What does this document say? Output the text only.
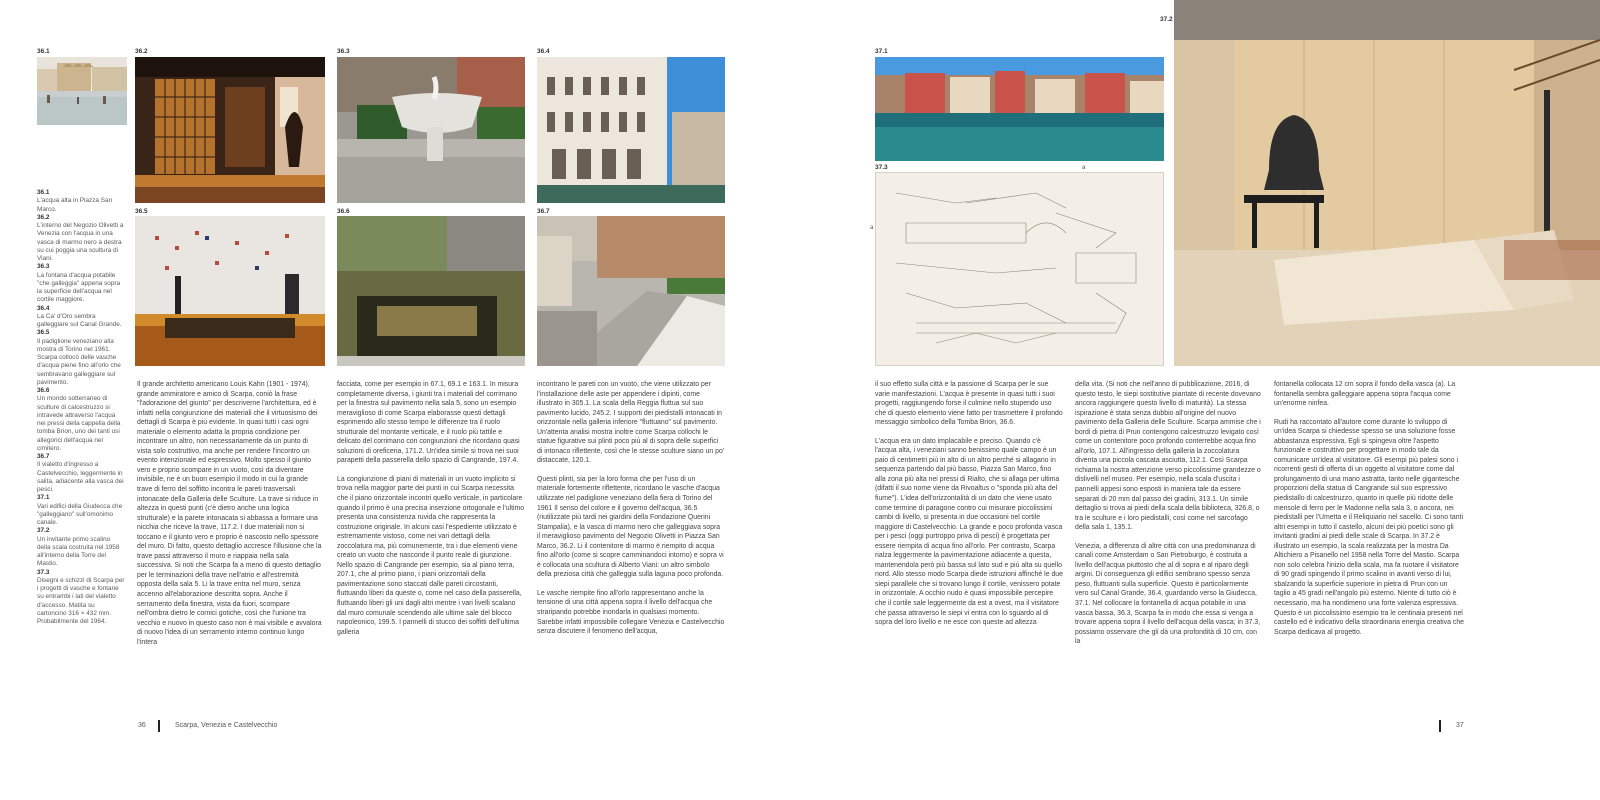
36.1	36.2	36.3	36.4
36.5	36.6	36.7
36.1
L'acqua alta in Piazza San Marco.
36.2
L'interno del Negozio Olivetti a Venezia con l'acqua in una vasca di marmo nero a destra su cui poggia una scultura di Viani.
36.3
La fontana d'acqua potabile "che galleggia" appena sopra la superficie dell'acqua nel cortile maggiore.
36.4
La Ca' d'Oro sembra galleggiare sul Canal Grande.
36.5
Il padiglione veneziano alla mostra di Torino nel 1961. Scarpa collocò delle vasche d'acqua piene fino all'orlo che sembravano galleggiare sul pavimento.
36.6
Un mondo sotterraneo di sculture di calcestruzzo si intravede attraverso l'acqua nei pressi della cappella della tomba Brion, uno dei tanti usi allegorici dell'acqua nel cimitero.
36.7
Il vialetto d'ingresso a Castelvecchio, leggermente in salita, adiacente alla vasca dei pesci.
37.1
Vari edifici della Giudecca che "galleggiano" sull'omonimo canale.
37.2
Un invitante primo scalino della scala costruita nel 1958 all'interno della Torre del Mastio.
37.3
Disegni e schizzi di Scarpa per i progetti di vasche e fontane su entrambi i lati del vialetto d'accesso. Matita su cartoncino 316 × 432 mm. Probabilmente del 1964.

Il grande architetto americano Louis Kahn (1901 - 1974), grande ammiratore e amico di Scarpa, coniò la frase "l'adorazione del giunto" per descriverne l'architettura, ed è infatti nella congiunzione dei materiali che il virtuosismo dei dettagli di Scarpa è più evidente. In quasi tutti i casi ogni materiale o elemento adatta la propria condizione per incontrare un altro, non necessariamente da un punto di vista solo costruttivo, ma anche per rendere l'incontro un evento intenzionale ed espressivo. Molto spesso il giunto vero e proprio scompare in un vuoto, così da diventare invisibile, ne è un buon esempio il modo in cui la grande trave di ferro del soffitto incontra le pareti trasversali intonacate della Galleria delle Sculture. La trave si riduce in altezza in questi punti (c'è dietro anche una logica strutturale) e la parete intonacata si abbassa a formare una nicchia che riceve la trave, 117.2. I due materiali non si toccano e il giunto vero e proprio è nascosto nello spessore del muro. Di fatto, questo dettaglio accresce l'illusione che la trave passi attraverso il muro e riappaia nella sala successiva. Si noti che Scarpa fa a meno di questo dettaglio per le terminazioni della trave nell'atrio e all'estremità opposta della sala 5. Li la trave entra nel muro, senza accenno all'elaborazione descritta sopra. Anche il serramento della finestra, vista da fuori, scompare nell'ombra dietro le cornici gotiche, così che l'unione tra vecchio e nuovo in questo caso non è mai visibile e avvalora di nuovo l'idea di un serramento interno continuo lungo l'intera

facciata, come per esempio in 67.1, 69.1 e 163.1. In misura completamente diversa, i giunti tra i materiali del corrimano per la finestra sul pavimento nella sala 5, sono un esempio meraviglioso di come Scarpa elaborasse questi dettagli esprimendo allo stesso tempo le differenze tra il ruolo strutturale del montante verticale, e il ruolo più tattile e delicato del corrimano con congiunzioni che ricordano quasi soluzioni di oreficeria, 171.2. Un'idea simile si trova nei suoi parapetti della passerella dello spazio di Cangrande, 197.4.

La congiunzione di piani di materiali in un vuoto implicito si trova nella maggior parte dei punti in cui Scarpa necessita che il piano orizzontale incontri quello verticale, in particolare quando il primo è una precisa inserzione ortogonale e l'ultimo presenta una consistenza ruvida che rappresenta la costruzione originale. In alcuni casi l'espediente utilizzato è estremamente vistoso, come nei vari dettagli della zoccolatura ma, più comunemente, tra i due elementi viene creato un vuoto che nasconde il punto reale di giunzione. Nello spazio di Cangrande per esempio, sia al piano terra, 207.1, che al primo piano, i piani orizzontali della pavimentazione sono staccati dalle pareti circostanti, fluttuando liberi da queste o, come nel caso della passerella, fluttuando liberi gli uni dagli altri mentre i vari livelli scalano dal muro comunale scendendo alle ultime sale del blocco napoleonico, 199.5. I pannelli di stucco dei soffitti dell'ultima galleria

incontrano le pareti con un vuoto, che viene utilizzato per l'installazione delle aste per appendere i dipinti, come illustrato in 305.1. La scala della Reggia fluttua sul suo pavimento lucido, 245.2. I supporti dei piedistalli intonacati in orizzontale nella galleria inferiore "fluttuano" sul pavimento. Un'attenta analisi mostra inoltre come Scarpa collochi le statue figurative sui plinti poco più al di sopra delle superfici di intonaco riflettente, così che le stesse sculture siano un po' distaccate, 120.1.

Questi plinti, sia per la loro forma che per l'uso di un materiale fortemente riflettente, ricordano le vasche d'acqua utilizzate nel padiglione veneziano della fiera di Torino del 1961 Il senso del colore e il governo dell'acqua, 36.5 (riutilizzate più tardi nei giardini della Fondazione Querini Stampalia), e la vasca di marmo nero che galleggiava sopra il meraviglioso pavimento del Negozio Olivetti in Piazza San Marco, 36.2. Li il contenitore di marmo è riempito di acqua fino all'orlo (come si scopre camminandoci intorno) e sopra vi è collocata una scultura di Alberto Viani: un altro simbolo della preziosa città che galleggia sulla laguna poco profonda.

Le vasche riempite fino all'orlo rappresentano anche la tensione di una città appena sopra il livello dell'acqua che straripando potrebbe inondarla in qualsiasi momento. Sarebbe infatti impossibile collegare Venezia e Castelvecchio senza discutere il fenomeno dell'acqua,

36	Scarpa, Venezia e Castelvecchio
37.1
37.2
37.3
a
a

il suo effetto sulla città e la passione di Scarpa per le sue varie manifestazioni. L'acqua è presente in quasi tutti i suoi progetti, raggiungendo forse il culmine nello stupendo uso che di questo elemento viene fatto per trasmettere il profondo messaggio simbolico della Tomba Brion, 36.6.

L'acqua era un dato implacabile e preciso. Quando c'è l'acqua alta, i veneziani sanno benissimo quale campo è un paio di centimetri più in alto di un altro perché si allagano in sequenza partendo dal più basso, Piazza San Marco, fino alla zona più alta nei pressi di Rialto, che si allaga per ultima (difatti il suo nome viene da Rivoaltus o "sponda più alta del fiume"). L'idea dell'orizzontalità di un dato che viene usato come termine di paragone contro cui misurare piccolissimi cambi di livello, si presenta in due occasioni nel cortile maggiore di Castelvecchio. La grande e poco profonda vasca per i pesci (oggi purtroppo priva di pesci) è progettata per essere riempita di acqua fino all'orlo. Per contrasto, Scarpa rialza leggermente la pavimentazione adiacente a questa, mantenendola però più bassa sul lato sud e più alta su quello nord. Allo stesso modo Scarpa diede istruzioni affinché le due siepi parallele che si trovano lungo il cortile, venissero potate in orizzontale. A occhio nudo è quasi impossibile percepire che il cortile sale leggermente da est a ovest, ma il visitatore che passa attraverso le siepi vi entra con lo sguardo al di sopra del loro livello e ne esce con queste ad altezza

della vita. (Si noti che nell'anno di pubblicazione, 2016, di questo testo, le siepi sostitutive piantate di recente dovevano ancora raggiungere questo livello di maturità). La stessa ispirazione è stata senza dubbio all'origine del nuovo pavimento della Galleria delle Sculture. Scarpa ammise che i bordi di pietra di Prun contengono calcestruzzo levigato così come un contenitore poco profondo conterrebbe acqua fino all'orlo, 107.1. All'ingresso della galleria la zoccolatura diventa una piccola cascata asciutta, 112.1. Così Scarpa richiama la nostra attenzione verso piccolissime grandezze o dislivelli nel museo. Per esempio, nella scala d'uscita i pannelli appesi sono esposti in maniera tale da essere separati di 20 mm dal passo dei gradini, 313.1. Un simile dettaglio si trova ai piedi della scala della biblioteca, 326.8, o tra le sculture e i loro piedistalli, così come nel sarcofago della sala 1, 135.1.

Venezia, a differenza di altre città con una predominanza di canali come Amsterdam o San Pietroburgo, è costruita a livello dell'acqua piuttosto che al di sopra e al riparo degli argini. Di conseguenza gli edifici sembrano spesso senza peso, fluttuanti sulla superficie. Questo è particolarmente vero sul Canal Grande, 36.4, guardando verso la Giudecca, 37.1. Nel collocare la fontanella di acqua potabile in una vasca bassa, 36.3, Scarpa fa in modo che essa si venga a trovare appena sopra il livello dell'acqua della vasca; in 37.3, possiamo osservare che gli dà una profondità di 10 cm, con la

fontanella collocata 12 cm sopra il fondo della vasca (a). La fontanella sembra galleggiare appena sopra l'acqua come un'enorme ninfea.

Rudi ha raccontato all'autore come durante lo sviluppo di un'idea Scarpa si chiedesse spesso se una soluzione fosse abbastanza espressiva. Egli si spingeva oltre l'aspetto funzionale e costruttivo per progettare in modo tale da comunicare un'idea al visitatore. Gli esempi più palesi sono i ricorrenti gesti di offerta di un oggetto al visitatore come dal prolungamento di una mano astratta, tanto nelle gigantesche proporzioni della statua di Cangrande sul suo espressivo piedistallo di calcestruzzo, quanto in quelle più ridotte delle mensole di ferro per le Madonne nella sala 3, o ancora, nei piedistalli per l'Umetta e il Reliquiario nel sacello. Ci sono tanti altri esempi in tutto il castello, alcuni dei più poetici sono gli invitanti gradini ai piedi delle scale di Scarpa. In 37.2 è illustrato un esempio, la scala realizzata per la mostra Da Altichiero a Pisanello nel 1958 nella Torre del Mastio. Scarpa non solo celebra l'inizio della scala, ma fa ruotare il visitatore di 90 gradi spingendo il primo scalino in avanti verso di lui, sbalzando la superficie superiore in pietra di Prun con un taglio a 45 gradi nell'angolo più esterno. Niente di tutto ciò è necessario, ma ha nondimeno una forte valenza espressiva. Questo è un piccolissimo esempio tra le centinaia presenti nel castello ed è indicativo della straordinaria energia creativa che Scarpa dedicava al progetto.

37
